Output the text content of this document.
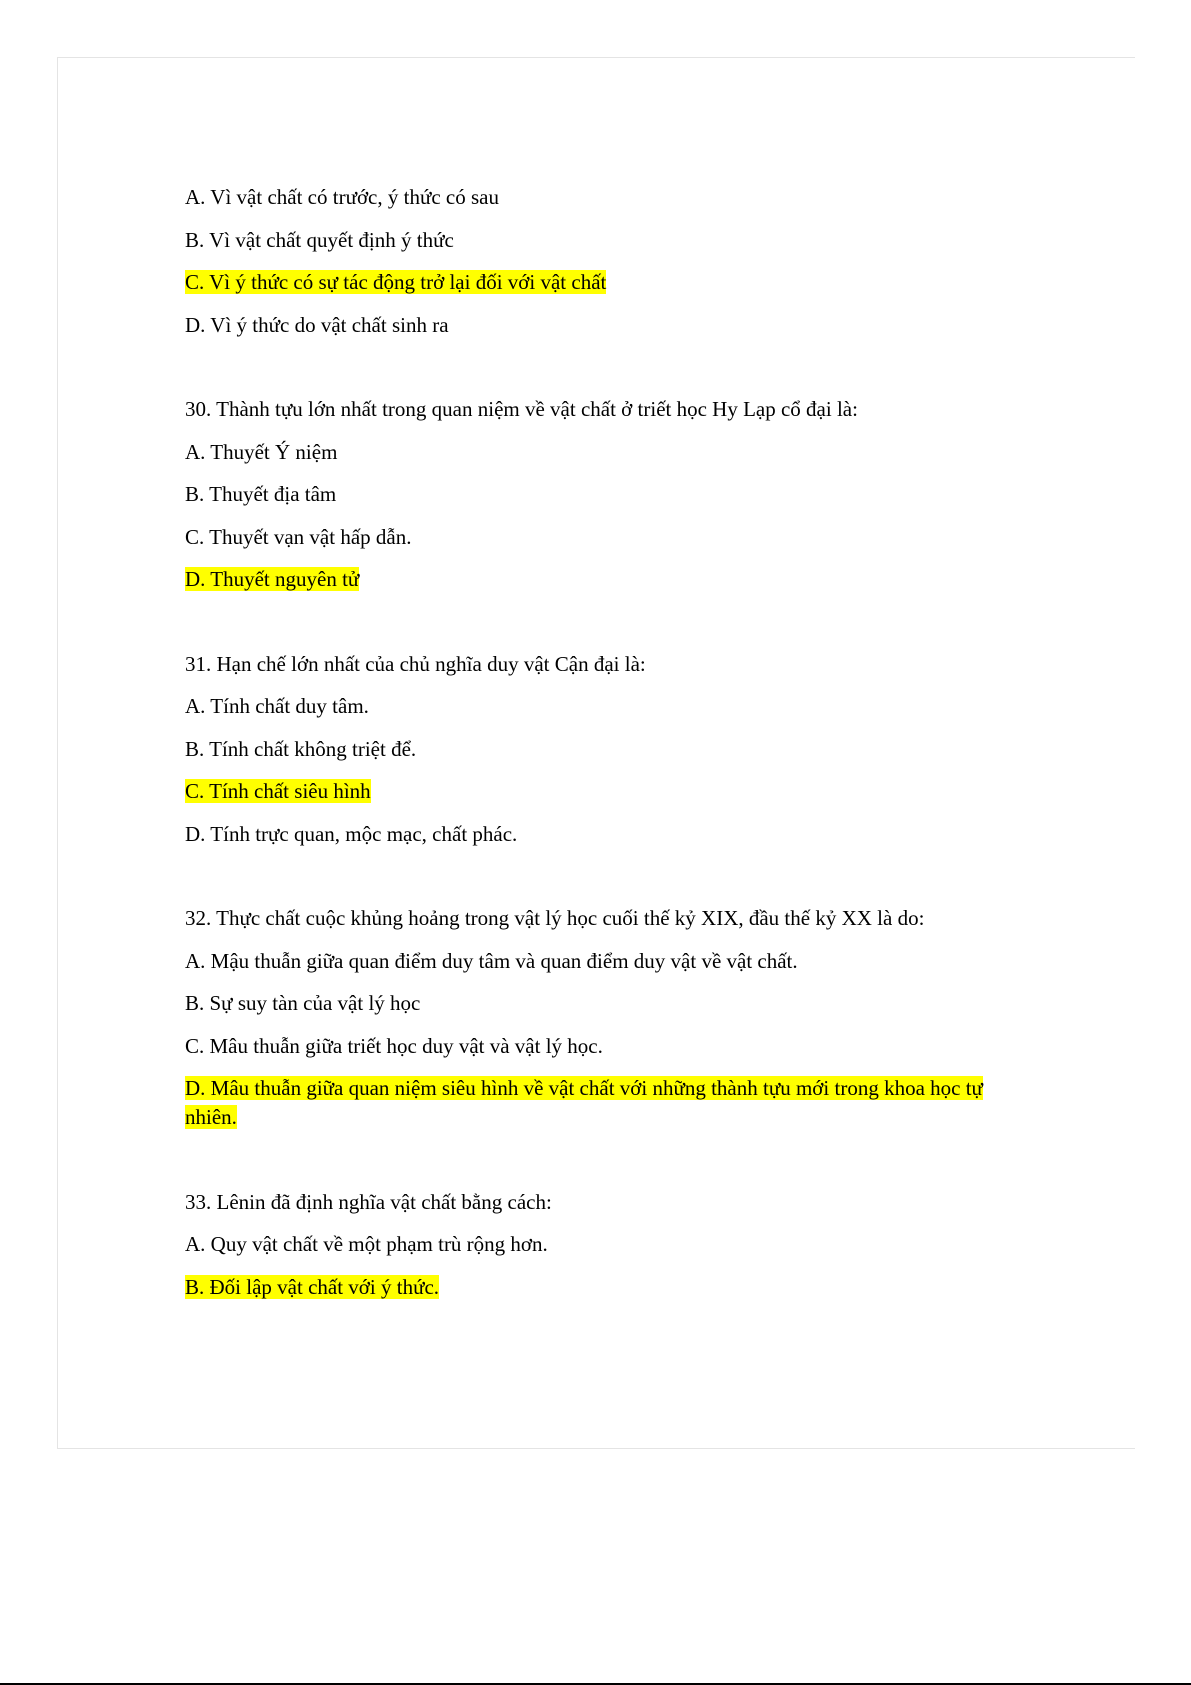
A. Vì vật chất có trước, ý thức có sau
B. Vì vật chất quyết định ý thức
C. Vì ý thức có sự tác động trở lại đối với vật chất
D. Vì ý thức do vật chất sinh ra
30. Thành tựu lớn nhất trong quan niệm về vật chất ở triết học Hy Lạp cổ đại là:
A. Thuyết Ý niệm
B. Thuyết địa tâm
C. Thuyết vạn vật hấp dẫn.
D. Thuyết nguyên tử
31. Hạn chế lớn nhất của chủ nghĩa duy vật Cận đại là:
A. Tính chất duy tâm.
B. Tính chất không triệt để.
C. Tính chất siêu hình
D. Tính trực quan, mộc mạc, chất phác.
32. Thực chất cuộc khủng hoảng trong vật lý học cuối thế kỷ XIX, đầu thế kỷ XX là do:
A. Mậu thuẫn giữa quan điểm duy tâm và quan điểm duy vật về vật chất.
B. Sự suy tàn của vật lý học
C. Mâu thuẫn giữa triết học duy vật và vật lý học.
D. Mâu thuẫn giữa quan niệm siêu hình về vật chất với những thành tựu mới trong khoa học tự nhiên.
33. Lênin đã định nghĩa vật chất bằng cách:
A. Quy vật chất về một phạm trù rộng hơn.
B. Đối lập vật chất với ý thức.
